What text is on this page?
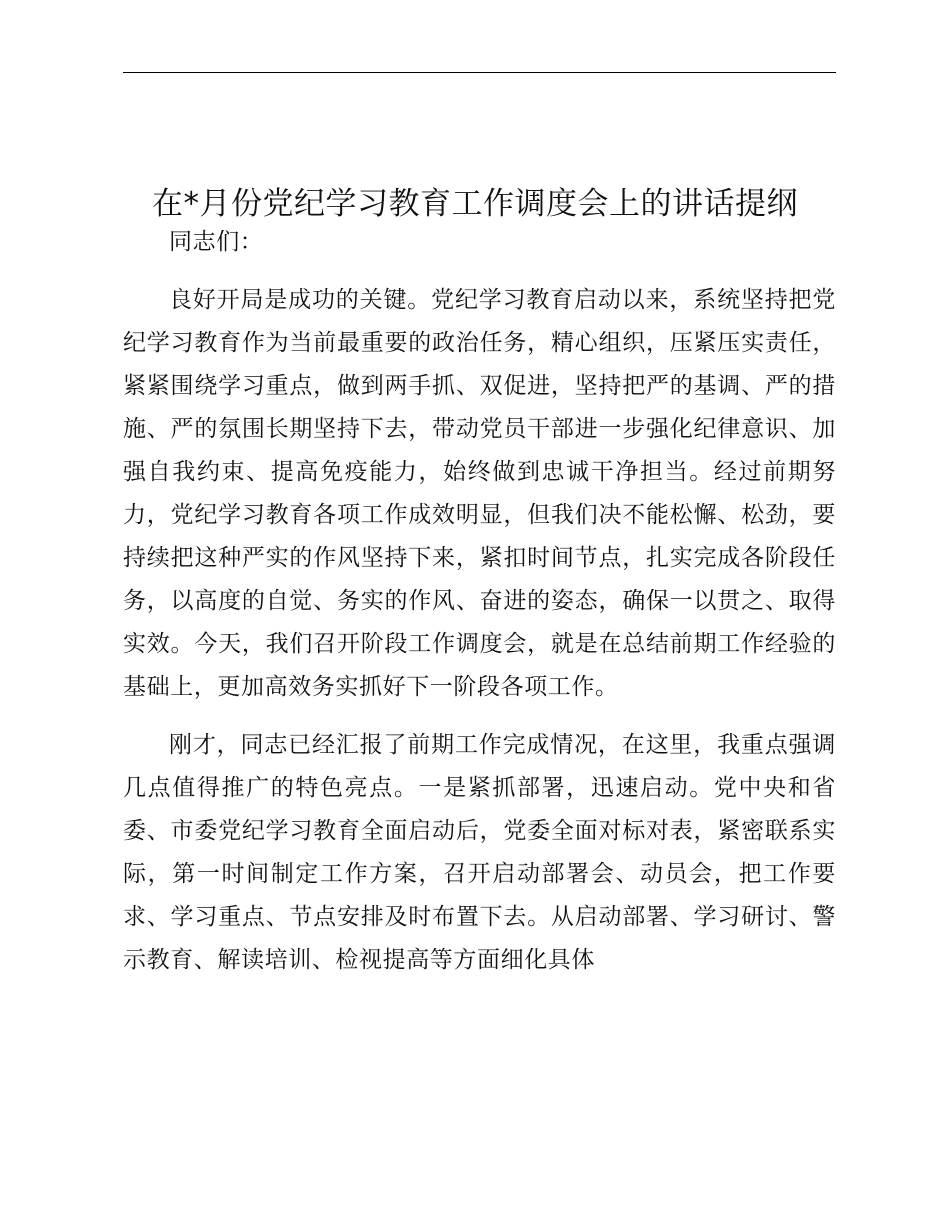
在*月份党纪学习教育工作调度会上的讲话提纲

同志们：

良好开局是成功的关键。党纪学习教育启动以来，系统坚持把党纪学习教育作为当前最重要的政治任务，精心组织，压紧压实责任，紧紧围绕学习重点，做到两手抓、双促进，坚持把严的基调、严的措施、严的氛围长期坚持下去，带动党员干部进一步强化纪律意识、加强自我约束、提高免疫能力，始终做到忠诚干净担当。经过前期努力，党纪学习教育各项工作成效明显，但我们决不能松懈、松劲，要持续把这种严实的作风坚持下来，紧扣时间节点，扎实完成各阶段任务，以高度的自觉、务实的作风、奋进的姿态，确保一以贯之、取得实效。今天，我们召开阶段工作调度会，就是在总结前期工作经验的基础上，更加高效务实抓好下一阶段各项工作。

刚才，同志已经汇报了前期工作完成情况，在这里，我重点强调几点值得推广的特色亮点。一是紧抓部署，迅速启动。党中央和省委、市委党纪学习教育全面启动后，党委全面对标对表，紧密联系实际，第一时间制定工作方案，召开启动部署会、动员会，把工作要求、学习重点、节点安排及时布置下去。从启动部署、学习研讨、警示教育、解读培训、检视提高等方面细化具体
